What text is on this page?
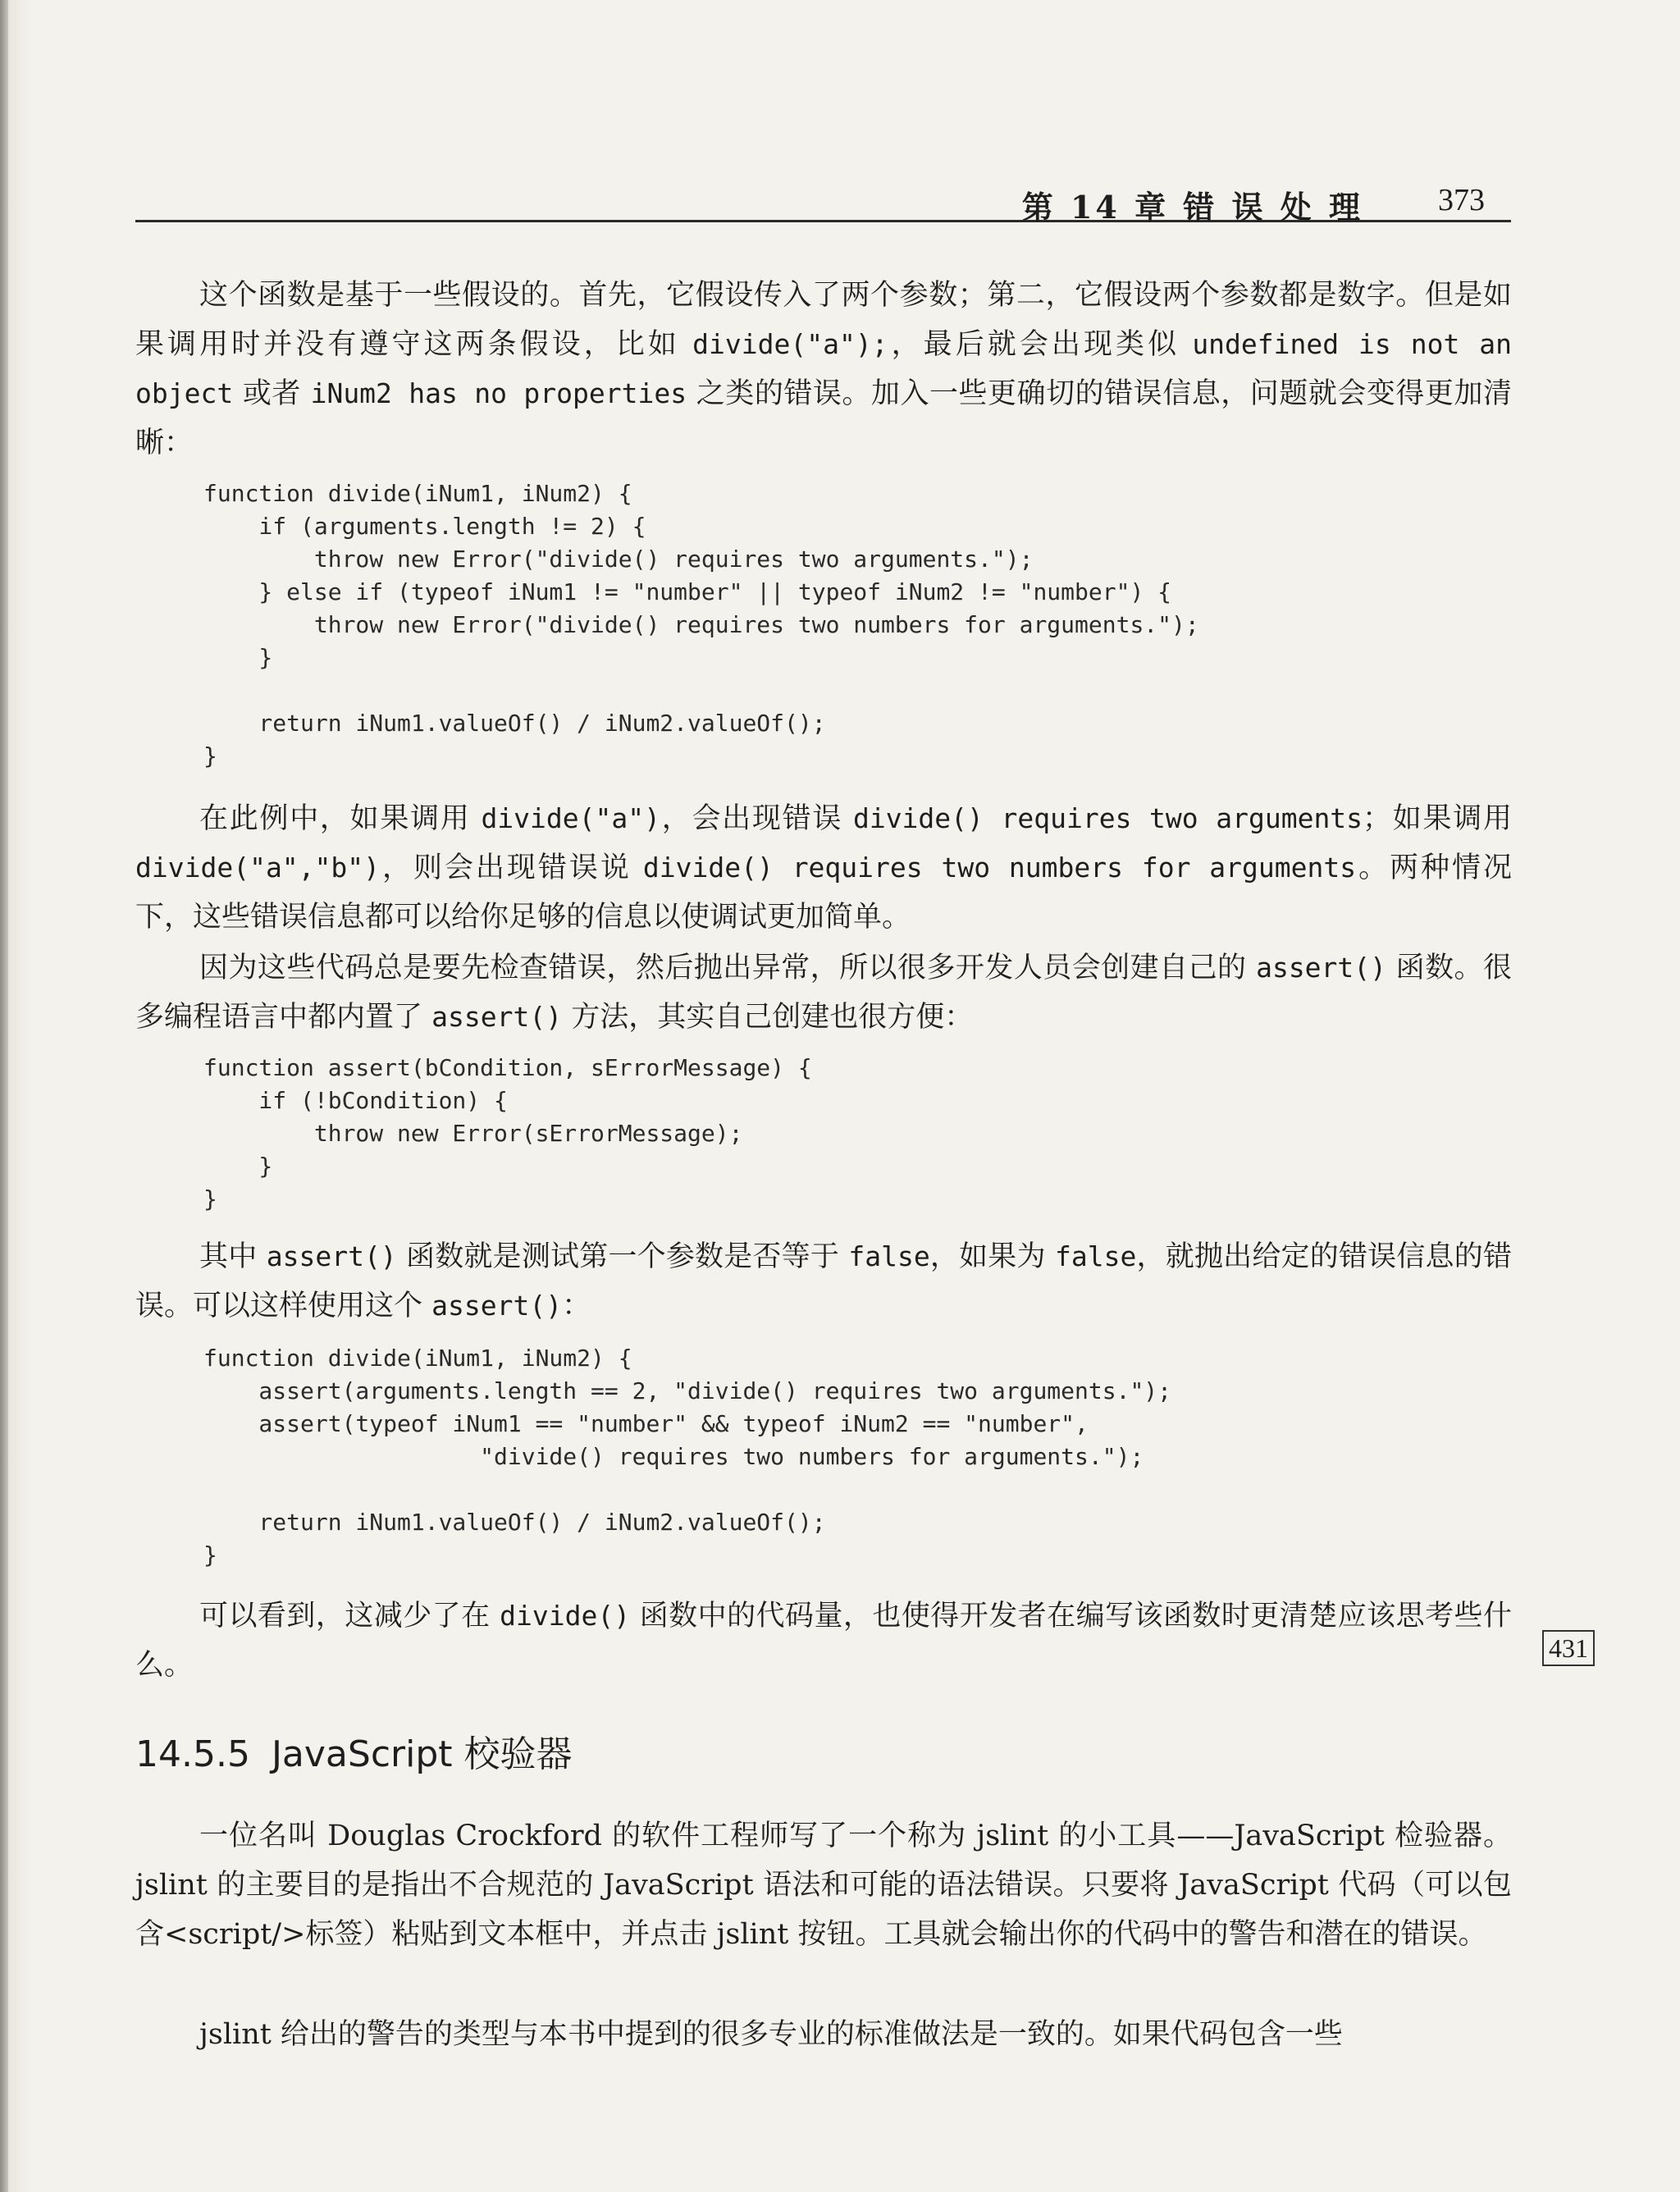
第 14 章 错 误 处 理 373

这个函数是基于一些假设的。首先，它假设传入了两个参数；第二，它假设两个参数都是数字。但是如果调用时并没有遵守这两条假设，比如 divide("a");，最后就会出现类似 undefined is not an object 或者 iNum2 has no properties 之类的错误。加入一些更确切的错误信息，问题就会变得更加清晰：

function divide(iNum1, iNum2) {
if (arguments.length != 2) {
throw new Error("divide() requires two arguments.");
} else if (typeof iNum1 != "number" || typeof iNum2 != "number") {
throw new Error("divide() requires two numbers for arguments.");
}

return iNum1.valueOf() / iNum2.valueOf();
}

在此例中，如果调用 divide("a")，会出现错误 divide() requires two arguments；如果调用 divide("a","b")，则会出现错误说 divide() requires two numbers for arguments。两种情况下，这些错误信息都可以给你足够的信息以使调试更加简单。

因为这些代码总是要先检查错误，然后抛出异常，所以很多开发人员会创建自己的 assert() 函数。很多编程语言中都内置了 assert() 方法，其实自己创建也很方便：

function assert(bCondition, sErrorMessage) {
if (!bCondition) {
throw new Error(sErrorMessage);
}
}

其中 assert() 函数就是测试第一个参数是否等于 false，如果为 false，就抛出给定的错误信息的错误。可以这样使用这个 assert()：

function divide(iNum1, iNum2) {
assert(arguments.length == 2, "divide() requires two arguments.");
assert(typeof iNum1 == "number" && typeof iNum2 == "number",
"divide() requires two numbers for arguments.");

return iNum1.valueOf() / iNum2.valueOf();
}

可以看到，这减少了在 divide() 函数中的代码量，也使得开发者在编写该函数时更清楚应该思考些什么。

431
14.5.5 JavaScript 校验器

一位名叫 Douglas Crockford 的软件工程师写了一个称为 jslint 的小工具——JavaScript 检验器。jslint 的主要目的是指出不合规范的 JavaScript 语法和可能的语法错误。只要将 JavaScript 代码（可以包含<script/>标签）粘贴到文本框中，并点击 jslint 按钮。工具就会输出你的代码中的警告和潜在的错误。

jslint 给出的警告的类型与本书中提到的很多专业的标准做法是一致的。如果代码包含一些
